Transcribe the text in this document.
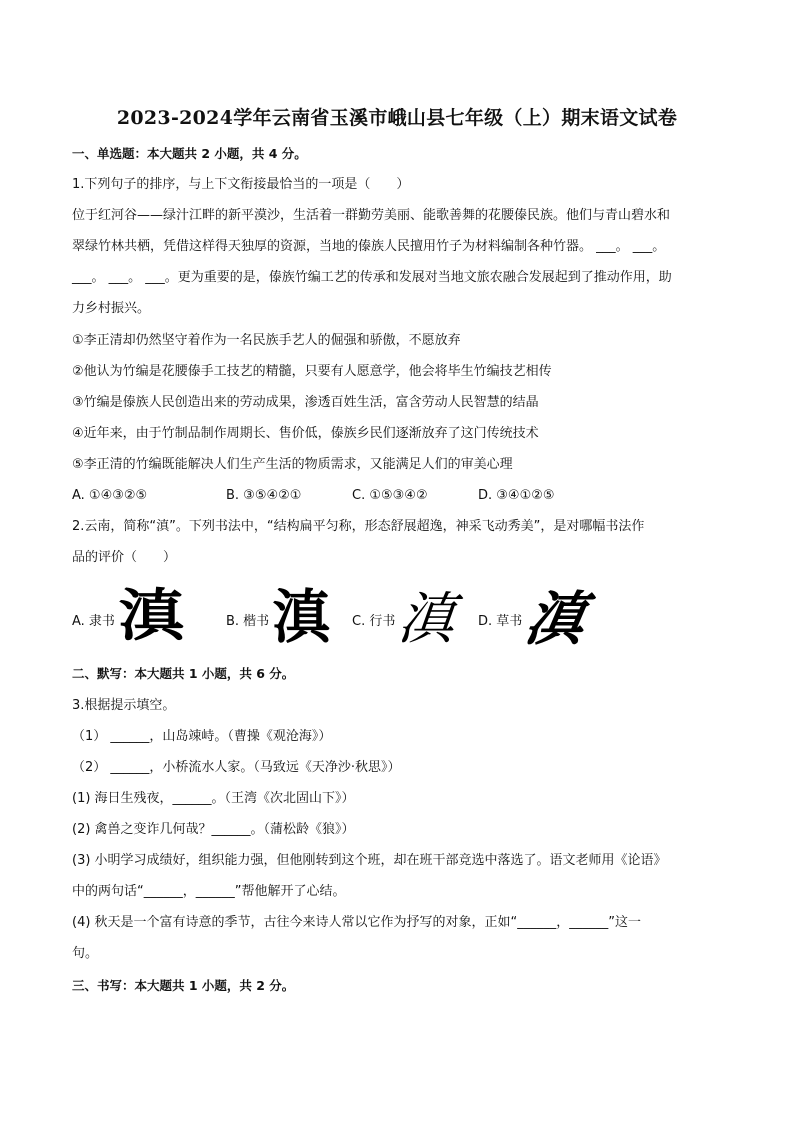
2023-2024学年云南省玉溪市峨山县七年级（上）期末语文试卷
一、单选题：本大题共 2 小题，共 4 分。
1.下列句子的排序，与上下文衔接最恰当的一项是（　　）
位于红河谷——绿汁江畔的新平漠沙，生活着一群勤劳美丽、能歌善舞的花腰傣民族。他们与青山碧水和
翠绿竹林共栖，凭借这样得天独厚的资源，当地的傣族人民擅用竹子为材料编制各种竹器。 ___。 ___。
___。 ___。 ___。更为重要的是，傣族竹编工艺的传承和发展对当地文旅农融合发展起到了推动作用，助
力乡村振兴。
①李正清却仍然坚守着作为一名民族手艺人的倔强和骄傲，不愿放弃
②他认为竹编是花腰傣手工技艺的精髓，只要有人愿意学，他会将毕生竹编技艺相传
③竹编是傣族人民创造出来的劳动成果，渗透百姓生活，富含劳动人民智慧的结晶
④近年来，由于竹制品制作周期长、售价低，傣族乡民们逐渐放弃了这门传统技术
⑤李正清的竹编既能解决人们生产生活的物质需求，又能满足人们的审美心理
A. ①④③②⑤	B. ③⑤④②①	C. ①⑤③④②	D. ③④①②⑤
2.云南，简称“滇”。下列书法中，“结构扁平匀称，形态舒展超逸，神采飞动秀美”，是对哪幅书法作
品的评价（　　）
A. 隶书 滇	B. 楷书 滇 C. 行书 滇 D. 草书
滇
二、默写：本大题共 1 小题，共 6 分。
3.根据提示填空。
（1） ______，山岛竦峙。（曹操《观沧海》）
（2） ______，小桥流水人家。（马致远《天净沙·秋思》）
(1) 海日生残夜，______。（王湾《次北固山下》）
(2) 禽兽之变诈几何哉？______。（蒲松龄《狼》）
(3) 小明学习成绩好，组织能力强，但他刚转到这个班，却在班干部竞选中落选了。语文老师用《论语》
中的两句话“______，______”帮他解开了心结。
(4) 秋天是一个富有诗意的季节，古往今来诗人常以它作为抒写的对象，正如“______，______”这一
句。
三、书写：本大题共 1 小题，共 2 分。
